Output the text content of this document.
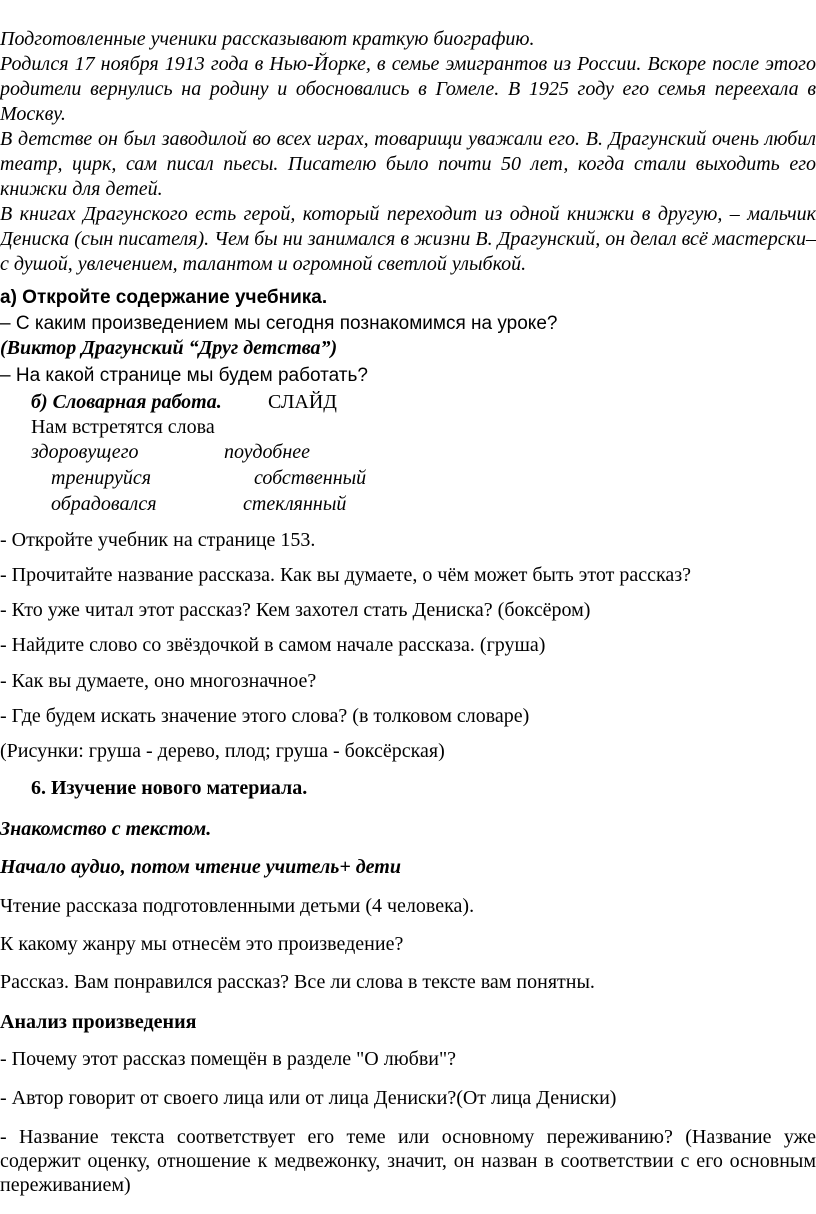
Подготовленные ученики рассказывают краткую биографию.

Родился 17 ноября 1913 года в Нью-Йорке, в семье эмигрантов из России. Вскоре после этого родители вернулись на родину и обосновались в Гомеле. В 1925 году его семья переехала в Москву.

В детстве он был заводилой во всех играх, товарищи уважали его. В. Драгунский очень любил театр, цирк, сам писал пьесы. Писателю было почти 50 лет, когда стали выходить его книжки для детей.

В книгах Драгунского есть герой, который переходит из одной книжки в другую, – мальчик Дениска (сын писателя). Чем бы ни занимался в жизни В. Драгунский, он делал всё мастерски– с душой, увлечением, талантом и огромной светлой улыбкой.

а) Откройте содержание учебника.
– С каким произведением мы сегодня познакомимся на уроке?
(Виктор Драгунский “Друг детства”)
– На какой странице мы будем работать?
б) Словарная работа. СЛАЙД
Нам встретятся слова
здоровущего	поудобнее
тренируйся	собственный
обрадовался	стеклянный
- Откройте учебник на странице 153.
- Прочитайте название рассказа. Как вы думаете, о чём может быть этот рассказ?
- Кто уже читал этот рассказ? Кем захотел стать Дениска? (боксёром)
- Найдите слово со звёздочкой в самом начале рассказа. (груша)
- Как вы думаете, оно многозначное?
- Где будем искать значение этого слова? (в толковом словаре)
(Рисунки: груша - дерево, плод; груша - боксёрская)
6. Изучение нового материала.
Знакомство с текстом.
Начало аудио, потом чтение учитель+ дети
Чтение рассказа подготовленными детьми (4 человека).
К какому жанру мы отнесём это произведение?
Рассказ. Вам понравился рассказ? Все ли слова в тексте вам понятны.
Анализ произведения
- Почему этот рассказ помещён в разделе "О любви"?
- Автор говорит от своего лица или от лица Дениски?(От лица Дениски)
- Название текста соответствует его теме или основному переживанию? (Название уже содержит оценку, отношение к медвежонку, значит, он назван в соответствии с его основным переживанием)
